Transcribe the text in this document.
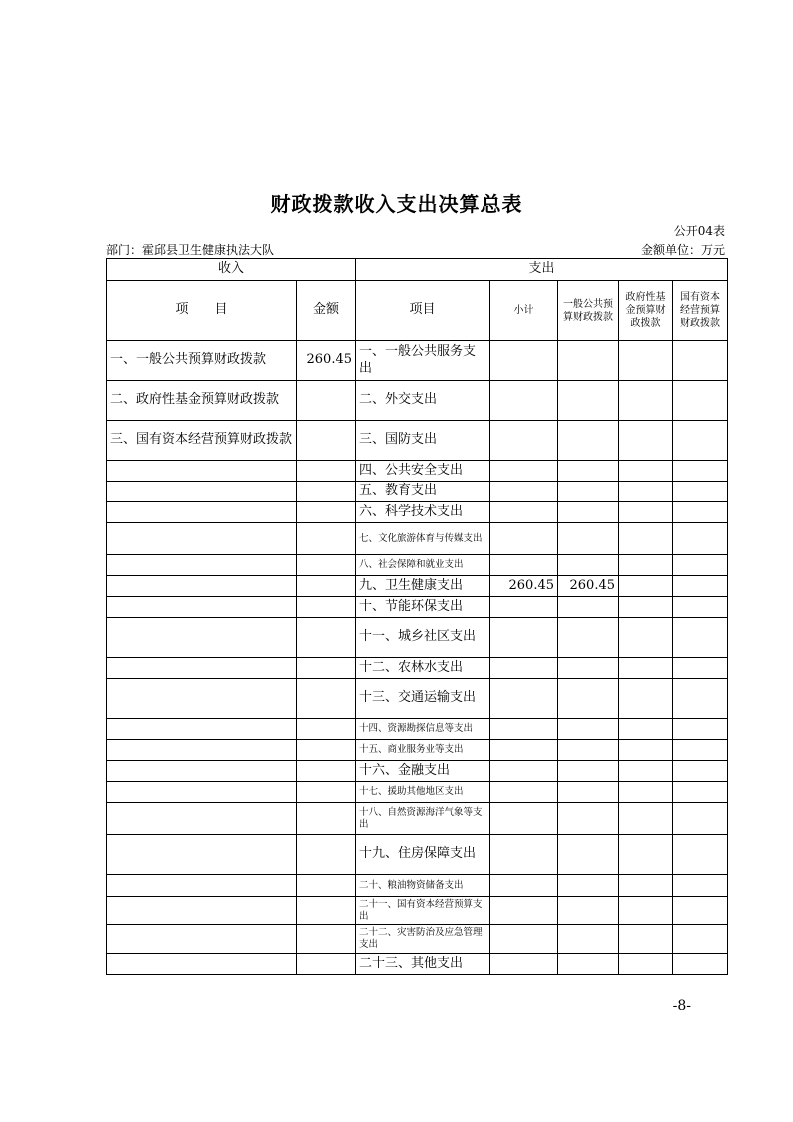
财政拨款收入支出决算总表
公开04表
部门：霍邱县卫生健康执法大队	金额单位：万元
收入		支出				
项　　目	金额	项目	小计	一般公共预算财政拨款	政府性基金预算财政拨款	国有资本经营预算财政拨款
一、一般公共预算财政拨款	260.45	一、一般公共服务支出				
二、政府性基金预算财政拨款		二、外交支出				
三、国有资本经营预算财政拨款		三、国防支出				
		四、公共安全支出				
		五、教育支出				
		六、科学技术支出				
		七、文化旅游体育与传媒支出				
		八、社会保障和就业支出				
		九、卫生健康支出	260.45	260.45		
		十、节能环保支出				
		十一、城乡社区支出				
		十二、农林水支出				
		十三、交通运输支出				
		十四、资源勘探信息等支出				
		十五、商业服务业等支出				
		十六、金融支出				
		十七、援助其他地区支出				
		十八、自然资源海洋气象等支出				
		十九、住房保障支出				
		二十、粮油物资储备支出				
		二十一、国有资本经营预算支出				
		二十二、灾害防治及应急管理支出				
		二十三、其他支出				
-8-
